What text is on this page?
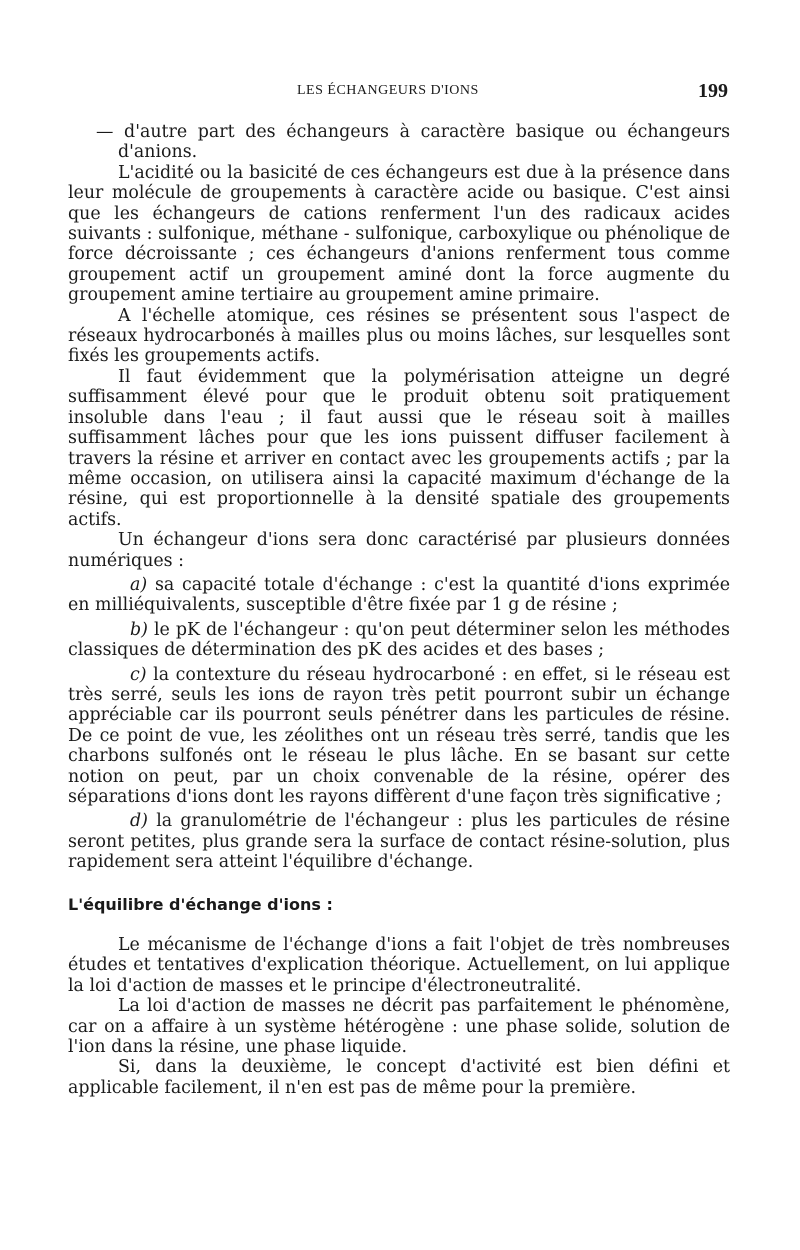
LES ÉCHANGEURS D'IONS	199

— d'autre part des échangeurs à caractère basique ou échangeurs d'anions.

L'acidité ou la basicité de ces échangeurs est due à la présence dans leur molécule de groupements à caractère acide ou basique. C'est ainsi que les échangeurs de cations renferment l'un des radicaux acides suivants : sulfonique, méthane - sulfonique, carboxylique ou phénolique de force décroissante ; ces échangeurs d'anions renferment tous comme groupement actif un groupement aminé dont la force augmente du groupement amine tertiaire au groupement amine primaire.

A l'échelle atomique, ces résines se présentent sous l'aspect de réseaux hydrocarbonés à mailles plus ou moins lâches, sur lesquelles sont fixés les groupements actifs.

Il faut évidemment que la polymérisation atteigne un degré suffisamment élevé pour que le produit obtenu soit pratiquement insoluble dans l'eau ; il faut aussi que le réseau soit à mailles suffisamment lâches pour que les ions puissent diffuser facilement à travers la résine et arriver en contact avec les groupements actifs ; par la même occasion, on utilisera ainsi la capacité maximum d'échange de la résine, qui est proportionnelle à la densité spatiale des groupements actifs.

Un échangeur d'ions sera donc caractérisé par plusieurs données numériques :

a) sa capacité totale d'échange : c'est la quantité d'ions exprimée en milliéquivalents, susceptible d'être fixée par 1 g de résine ;

b) le pK de l'échangeur : qu'on peut déterminer selon les méthodes classiques de détermination des pK des acides et des bases ;

c) la contexture du réseau hydrocarboné : en effet, si le réseau est très serré, seuls les ions de rayon très petit pourront subir un échange appréciable car ils pourront seuls pénétrer dans les particules de résine. De ce point de vue, les zéolithes ont un réseau très serré, tandis que les charbons sulfonés ont le réseau le plus lâche. En se basant sur cette notion on peut, par un choix convenable de la résine, opérer des séparations d'ions dont les rayons diffèrent d'une façon très significative ;

d) la granulométrie de l'échangeur : plus les particules de résine seront petites, plus grande sera la surface de contact résine-solution, plus rapidement sera atteint l'équilibre d'échange.

L'équilibre d'échange d'ions :

Le mécanisme de l'échange d'ions a fait l'objet de très nombreuses études et tentatives d'explication théorique. Actuellement, on lui applique la loi d'action de masses et le principe d'électroneutralité.

La loi d'action de masses ne décrit pas parfaitement le phénomène, car on a affaire à un système hétérogène : une phase solide, solution de l'ion dans la résine, une phase liquide.

Si, dans la deuxième, le concept d'activité est bien défini et applicable facilement, il n'en est pas de même pour la première.
